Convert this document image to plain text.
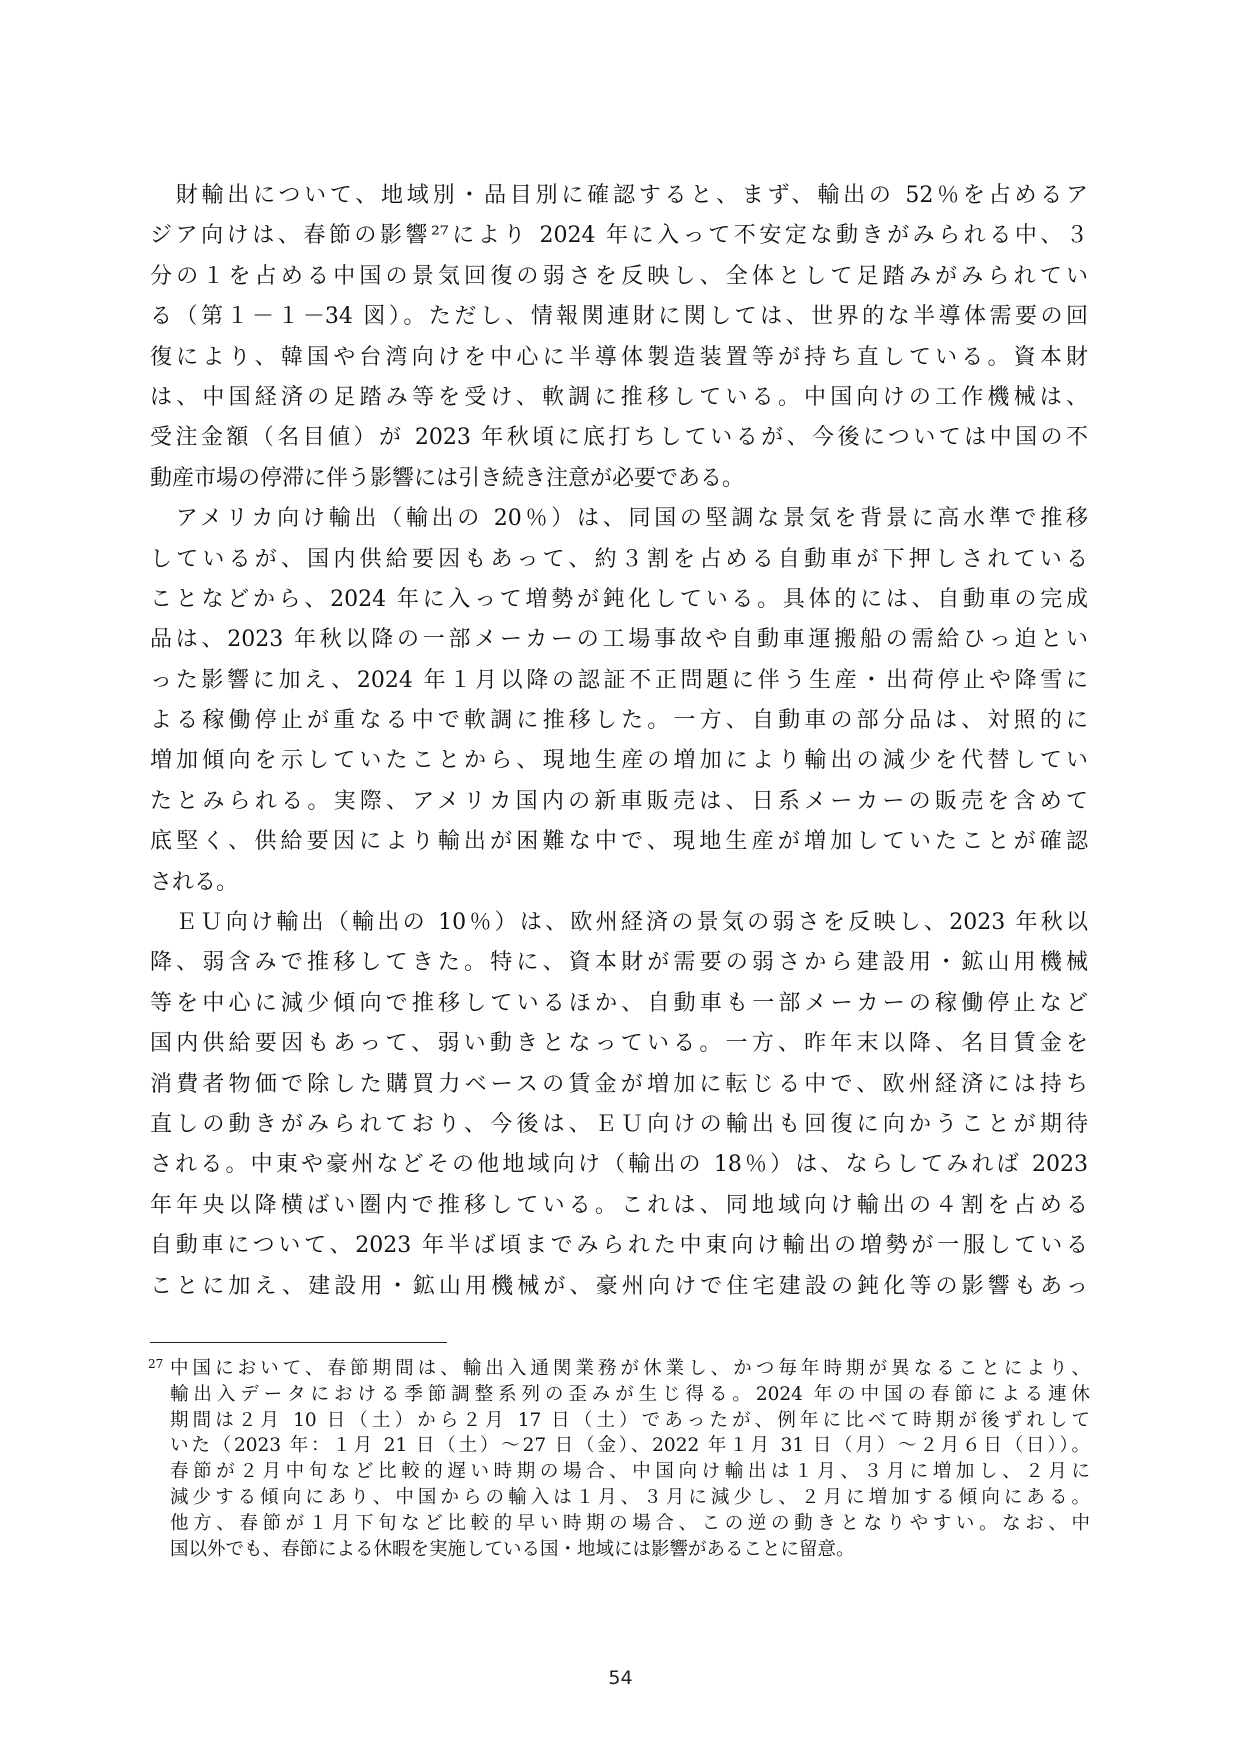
　財輸出について、地域別・品目別に確認すると、まず、輸出の 52％を占めるア
ジア向けは、春節の影響²⁷により 2024 年に入って不安定な動きがみられる中、３
分の１を占める中国の景気回復の弱さを反映し、全体として足踏みがみられてい
る（第１－１－34 図）。ただし、情報関連財に関しては、世界的な半導体需要の回
復により、韓国や台湾向けを中心に半導体製造装置等が持ち直している。資本財
は、中国経済の足踏み等を受け、軟調に推移している。中国向けの工作機械は、
受注金額（名目値）が 2023 年秋頃に底打ちしているが、今後については中国の不
動産市場の停滞に伴う影響には引き続き注意が必要である。
　アメリカ向け輸出（輸出の 20％）は、同国の堅調な景気を背景に高水準で推移
しているが、国内供給要因もあって、約３割を占める自動車が下押しされている
ことなどから、2024 年に入って増勢が鈍化している。具体的には、自動車の完成
品は、2023 年秋以降の一部メーカーの工場事故や自動車運搬船の需給ひっ迫とい
った影響に加え、2024 年１月以降の認証不正問題に伴う生産・出荷停止や降雪に
よる稼働停止が重なる中で軟調に推移した。一方、自動車の部分品は、対照的に
増加傾向を示していたことから、現地生産の増加により輸出の減少を代替してい
たとみられる。実際、アメリカ国内の新車販売は、日系メーカーの販売を含めて
底堅く、供給要因により輸出が困難な中で、現地生産が増加していたことが確認
される。
　ＥＵ向け輸出（輸出の 10％）は、欧州経済の景気の弱さを反映し、2023 年秋以
降、弱含みで推移してきた。特に、資本財が需要の弱さから建設用・鉱山用機械
等を中心に減少傾向で推移しているほか、自動車も一部メーカーの稼働停止など
国内供給要因もあって、弱い動きとなっている。一方、昨年末以降、名目賃金を
消費者物価で除した購買力ベースの賃金が増加に転じる中で、欧州経済には持ち
直しの動きがみられており、今後は、ＥＵ向けの輸出も回復に向かうことが期待
される。中東や豪州などその他地域向け（輸出の 18％）は、ならしてみれば 2023
年年央以降横ばい圏内で推移している。これは、同地域向け輸出の４割を占める
自動車について、2023 年半ば頃までみられた中東向け輸出の増勢が一服している
ことに加え、建設用・鉱山用機械が、豪州向けで住宅建設の鈍化等の影響もあっ
27 中国において、春節期間は、輸出入通関業務が休業し、かつ毎年時期が異なることにより、
輸出入データにおける季節調整系列の歪みが生じ得る。2024 年の中国の春節による連休
期間は２月 10 日（土）から２月 17 日（土）であったが、例年に比べて時期が後ずれして
いた（2023 年：１月 21 日（土）～27 日（金）、2022 年１月 31 日（月）～２月６日（日））。
春節が２月中旬など比較的遅い時期の場合、中国向け輸出は１月、３月に増加し、２月に
減少する傾向にあり、中国からの輸入は１月、３月に減少し、２月に増加する傾向にある。
他方、春節が１月下旬など比較的早い時期の場合、この逆の動きとなりやすい。なお、中
国以外でも、春節による休暇を実施している国・地域には影響があることに留意。
54
